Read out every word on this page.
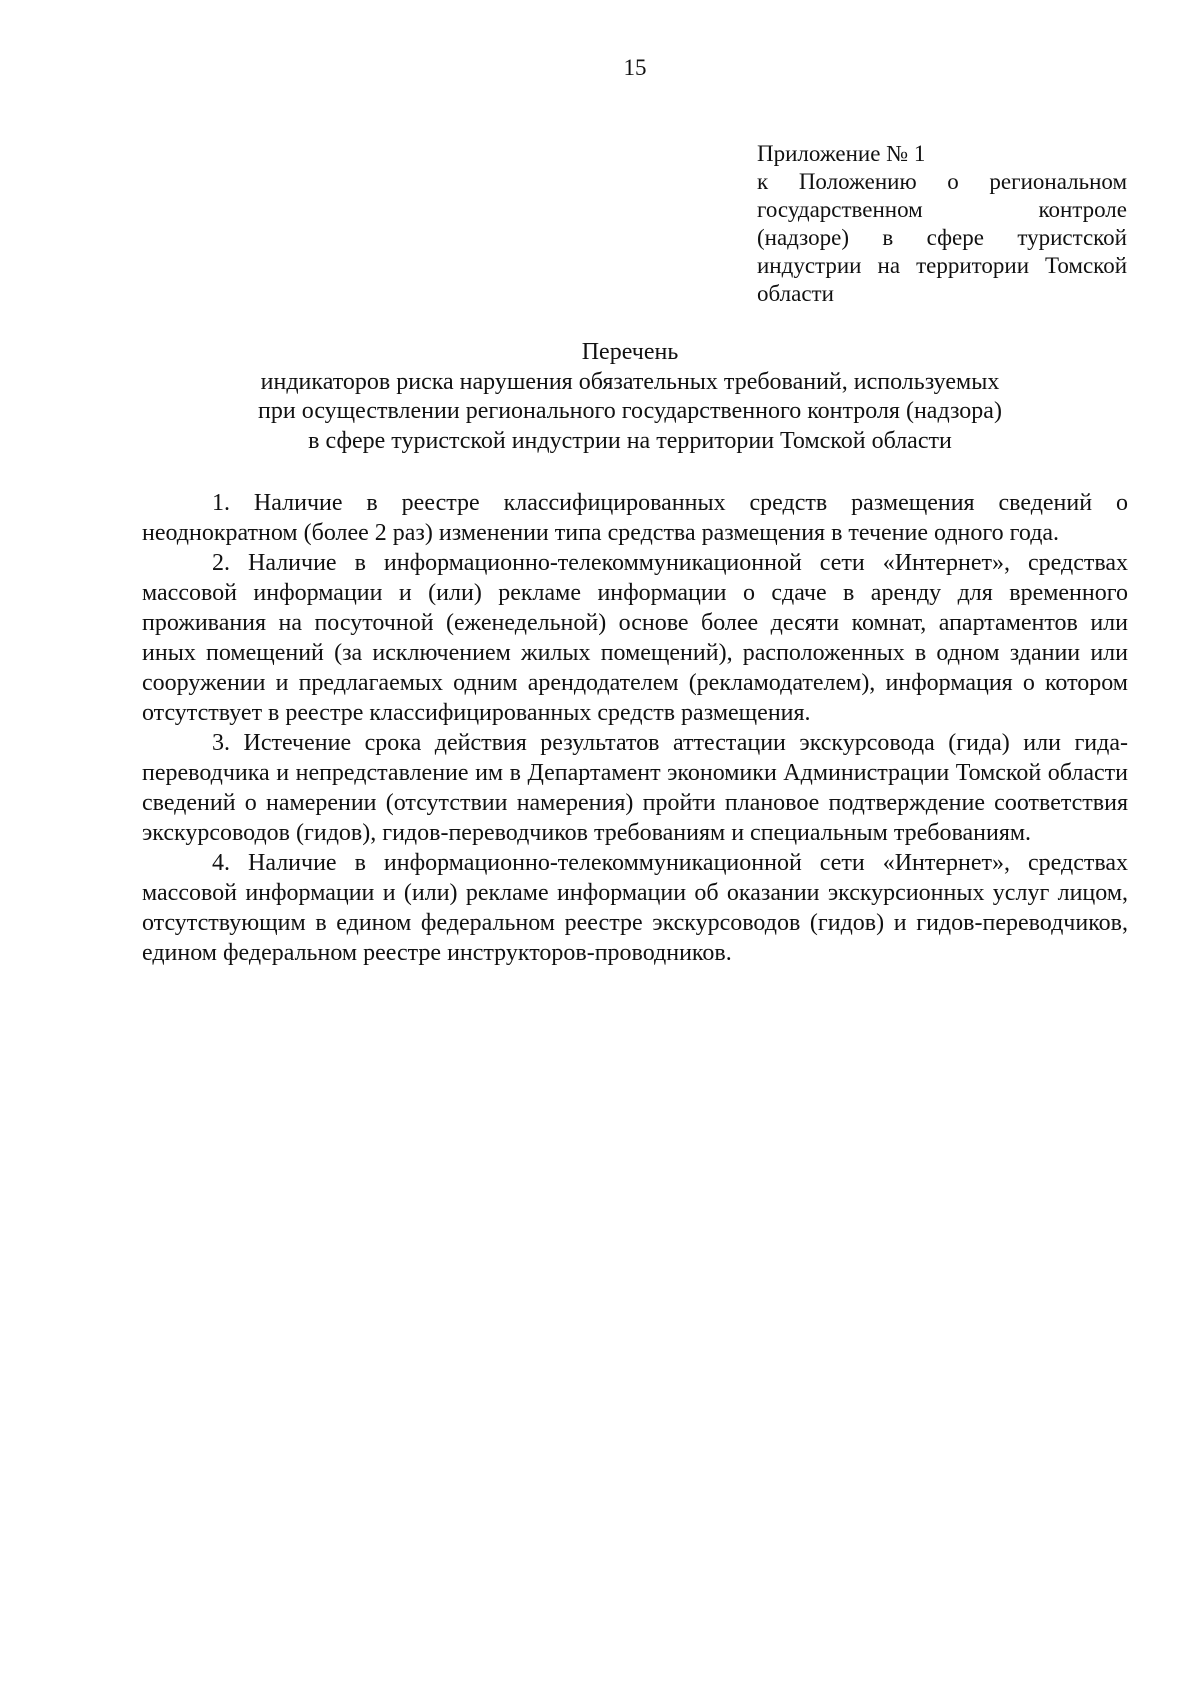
15
Приложение № 1
к Положению о региональном
государственном контроле
(надзоре) в сфере туристской
индустрии на территории Томской
области
Перечень
индикаторов риска нарушения обязательных требований, используемых
при осуществлении регионального государственного контроля (надзора)
в сфере туристской индустрии на территории Томской области

1. Наличие в реестре классифицированных средств размещения сведений о неоднократном (более 2 раз) изменении типа средства размещения в течение одного года.

2. Наличие в информационно-телекоммуникационной сети «Интернет», средствах массовой информации и (или) рекламе информации о сдаче в аренду для временного проживания на посуточной (еженедельной) основе более десяти комнат, апартаментов или иных помещений (за исключением жилых помещений), расположенных в одном здании или сооружении и предлагаемых одним арендодателем (рекламодателем), информация о котором отсутствует в реестре классифицированных средств размещения.

3. Истечение срока действия результатов аттестации экскурсовода (гида) или гида-переводчика и непредставление им в Департамент экономики Администрации Томской области сведений о намерении (отсутствии намерения) пройти плановое подтверждение соответствия экскурсоводов (гидов), гидов-переводчиков требованиям и специальным требованиям.

4. Наличие в информационно-телекоммуникационной сети «Интернет», средствах массовой информации и (или) рекламе информации об оказании экскурсионных услуг лицом, отсутствующим в едином федеральном реестре экскурсоводов (гидов) и гидов-переводчиков, едином федеральном реестре инструкторов-проводников.
